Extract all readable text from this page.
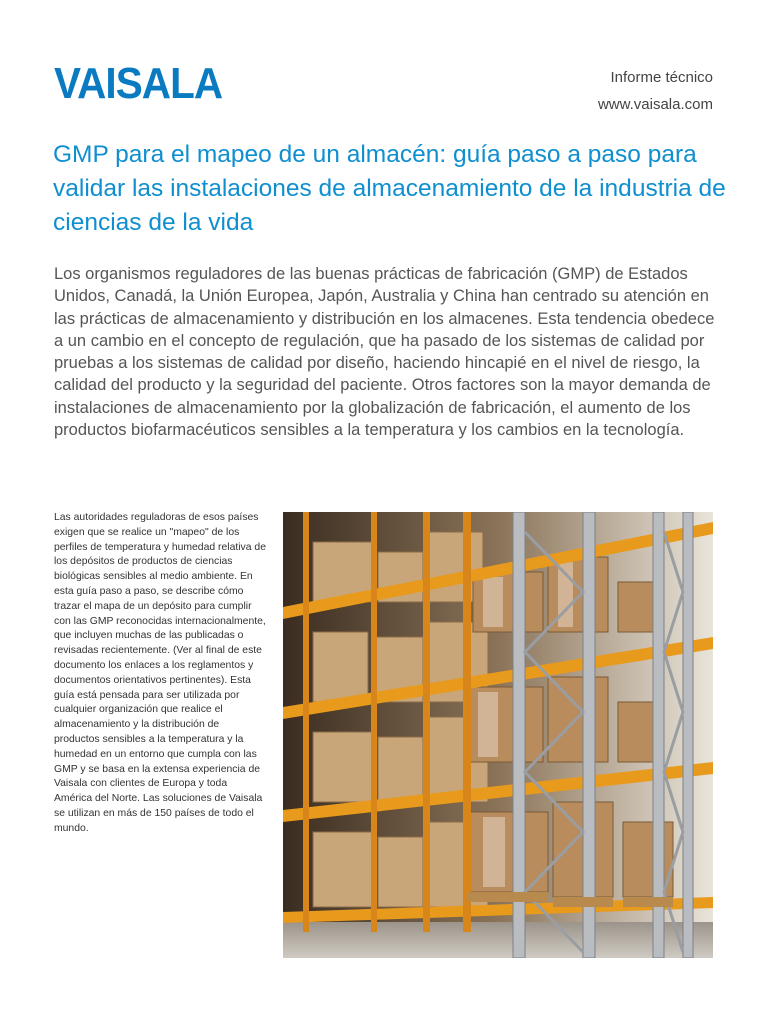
VAISALA	Informe técnico
www.vaisala.com
GMP para el mapeo de un almacén: guía paso a paso para validar las instalaciones de almacenamiento de la industria de ciencias de la vida

Los organismos reguladores de las buenas prácticas de fabricación (GMP) de Estados Unidos, Canadá, la Unión Europea, Japón, Australia y China han centrado su atención en las prácticas de almacenamiento y distribución en los almacenes. Esta tendencia obedece a un cambio en el concepto de regulación, que ha pasado de los sistemas de calidad por pruebas a los sistemas de calidad por diseño, haciendo hincapié en el nivel de riesgo, la calidad del producto y la seguridad del paciente. Otros factores son la mayor demanda de instalaciones de almacenamiento por la globalización de fabricación, el aumento de los productos biofarmacéuticos sensibles a la temperatura y los cambios en la tecnología.

Las autoridades reguladoras de esos países exigen que se realice un "mapeo" de los perfiles de temperatura y humedad relativa de los depósitos de productos de ciencias biológicas sensibles al medio ambiente. En esta guía paso a paso, se describe cómo trazar el mapa de un depósito para cumplir con las GMP reconocidas internacionalmente, que incluyen muchas de las publicadas o revisadas recientemente. (Ver al final de este documento los enlaces a los reglamentos y documentos orientativos pertinentes). Esta guía está pensada para ser utilizada por cualquier organización que realice el almacenamiento y la distribución de productos sensibles a la temperatura y la humedad en un entorno que cumpla con las GMP y se basa en la extensa experiencia de Vaisala con clientes de Europa y toda América del Norte. Las soluciones de Vaisala se utilizan en más de 150 países de todo el mundo.
